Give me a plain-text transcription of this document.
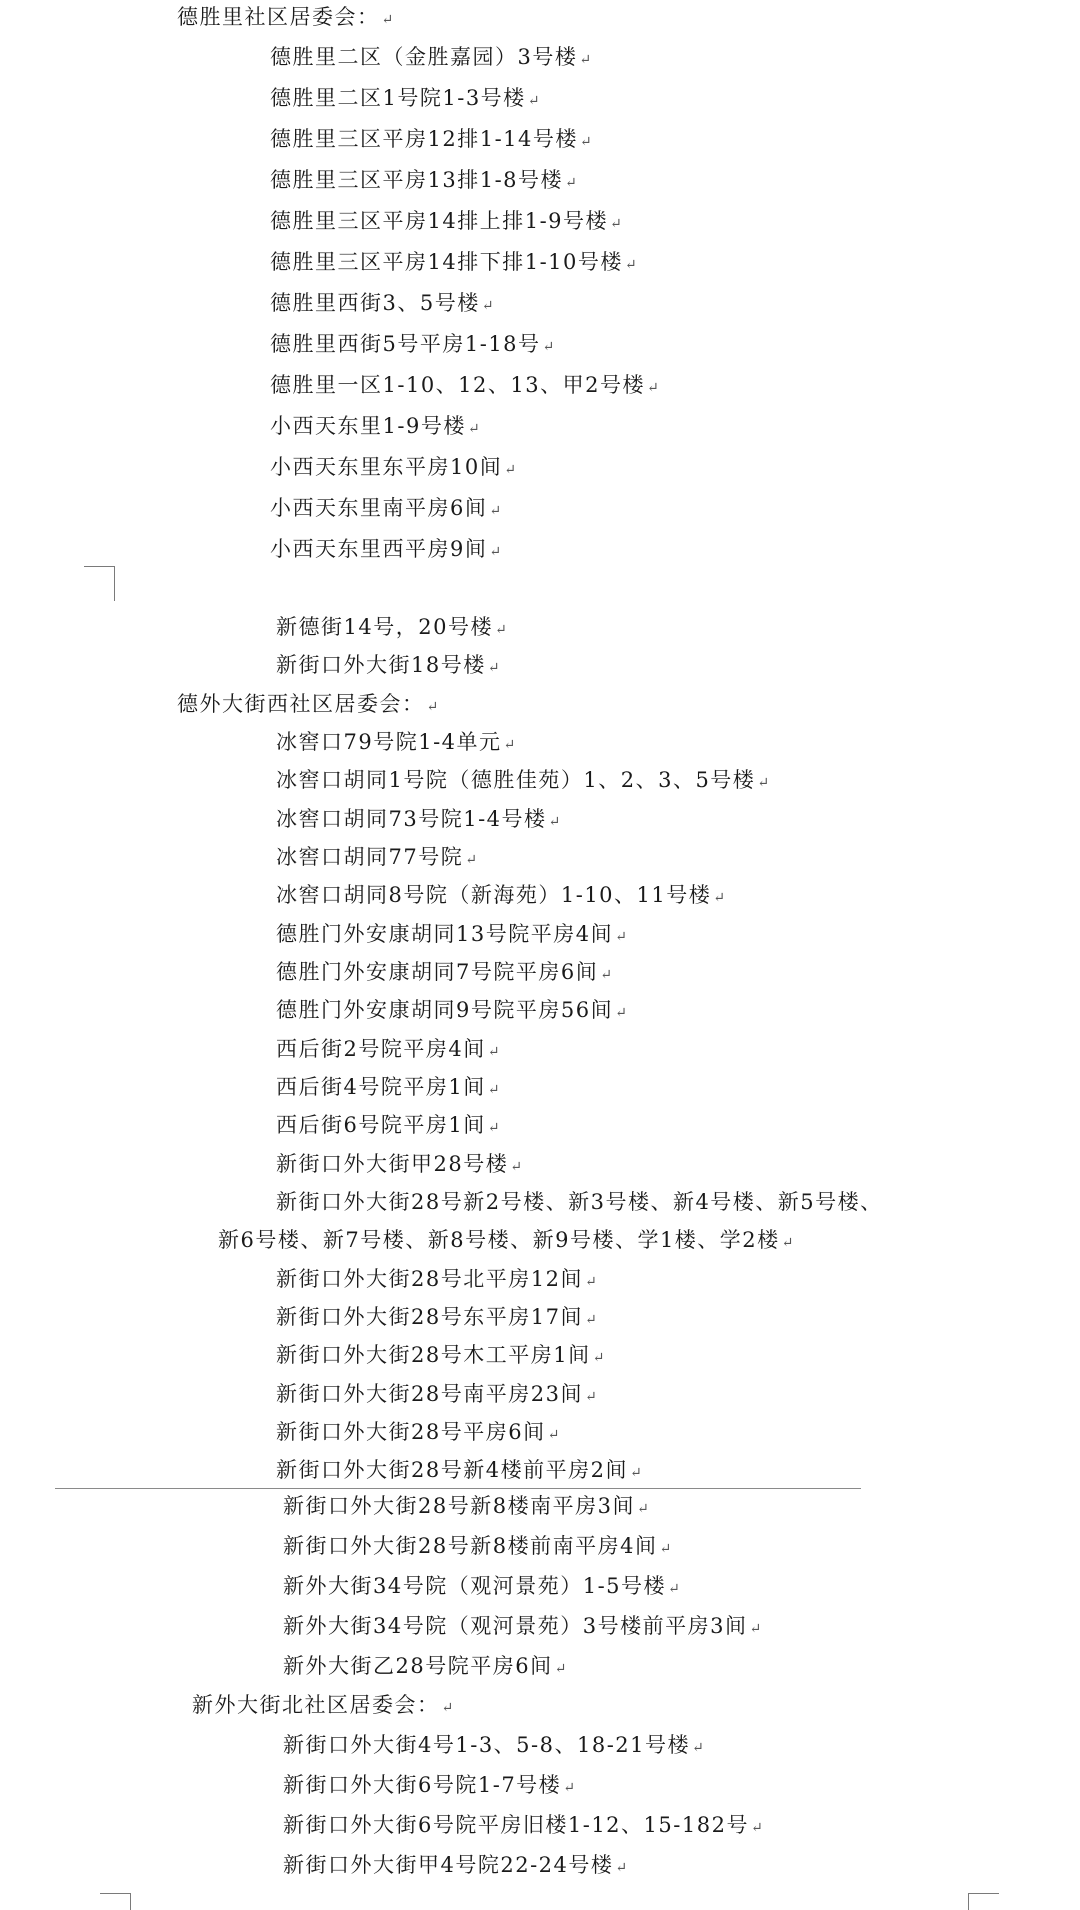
德胜里社区居委会： ↵
德胜里二区（金胜嘉园）3号楼 ↵
德胜里二区1号院1-3号楼 ↵
德胜里三区平房12排1-14号楼 ↵
德胜里三区平房13排1-8号楼 ↵
德胜里三区平房14排上排1-9号楼 ↵
德胜里三区平房14排下排1-10号楼 ↵
德胜里西街3、5号楼 ↵
德胜里西街5号平房1-18号 ↵
德胜里一区1-10、12、13、甲2号楼 ↵
小西天东里1-9号楼 ↵
小西天东里东平房10间 ↵
小西天东里南平房6间 ↵
小西天东里西平房9间 ↵
新德街14号，20号楼 ↵
新街口外大街18号楼 ↵
德外大街西社区居委会： ↵
冰窖口79号院1-4单元 ↵
冰窖口胡同1号院（德胜佳苑）1、2、3、5号楼 ↵
冰窖口胡同73号院1-4号楼 ↵
冰窖口胡同77号院 ↵
冰窖口胡同8号院（新海苑）1-10、11号楼 ↵
德胜门外安康胡同13号院平房4间 ↵
德胜门外安康胡同7号院平房6间 ↵
德胜门外安康胡同9号院平房56间 ↵
西后街2号院平房4间 ↵
西后街4号院平房1间 ↵
西后街6号院平房1间 ↵
新街口外大街甲28号楼 ↵
新街口外大街28号新2号楼、新3号楼、新4号楼、新5号楼、
新6号楼、新7号楼、新8号楼、新9号楼、学1楼、学2楼 ↵
新街口外大街28号北平房12间 ↵
新街口外大街28号东平房17间 ↵
新街口外大街28号木工平房1间 ↵
新街口外大街28号南平房23间 ↵
新街口外大街28号平房6间 ↵
新街口外大街28号新4楼前平房2间 ↵
新街口外大街28号新8楼南平房3间 ↵
新街口外大街28号新8楼前南平房4间 ↵
新外大街34号院（观河景苑）1-5号楼 ↵
新外大街34号院（观河景苑）3号楼前平房3间 ↵
新外大街乙28号院平房6间 ↵
新外大街北社区居委会： ↵
新街口外大街4号1-3、5-8、18-21号楼 ↵
新街口外大街6号院1-7号楼 ↵
新街口外大街6号院平房旧楼1-12、15-182号 ↵
新街口外大街甲4号院22-24号楼 ↵
